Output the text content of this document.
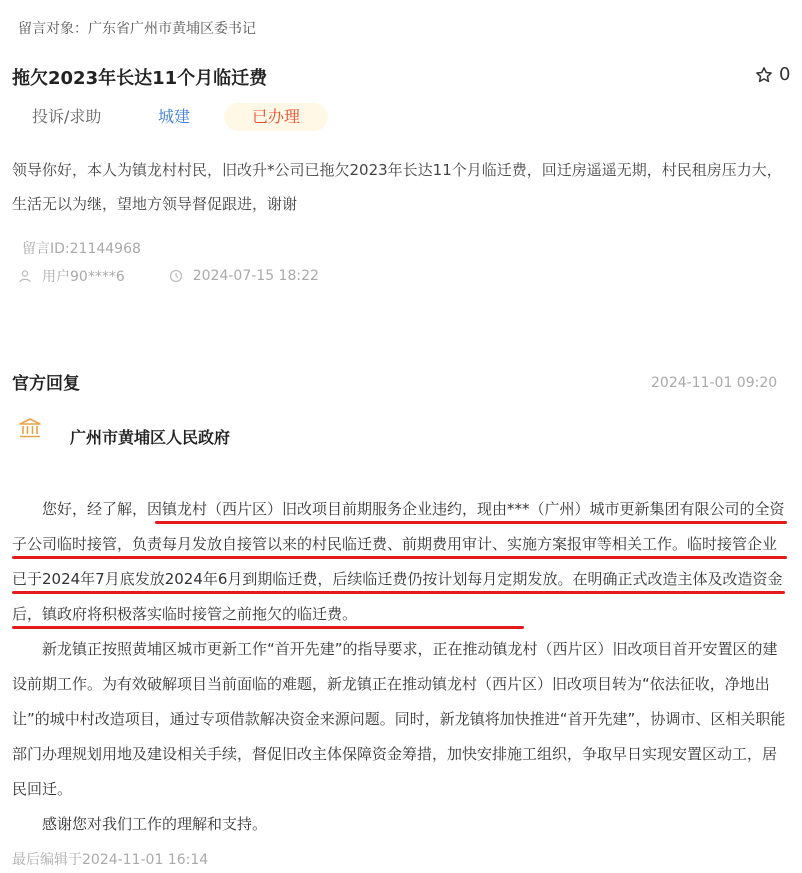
留言对象：广东省广州市黄埔区委书记
拖欠2023年长达11个月临迁费	0
投诉/求助	城建	已办理
领导你好，本人为镇龙村村民，旧改升*公司已拖欠2023年长达11个月临迁费，回迁房遥遥无期，村民租房压力大，生活无以为继，望地方领导督促跟进，谢谢
留言ID:21144968
用户90****6	2024-07-15 18:22
官方回复	2024-11-01 09:20
广州市黄埔区人民政府

您好，经了解，因镇龙村（西片区）旧改项目前期服务企业违约，现由***（广州）城市更新集团有限公司的全资子公司临时接管，负责每月发放自接管以来的村民临迁费、前期费用审计、实施方案报审等相关工作。临时接管企业已于2024年7月底发放2024年6月到期临迁费，后续临迁费仍按计划每月定期发放。在明确正式改造主体及改造资金后，镇政府将积极落实临时接管之前拖欠的临迁费。

新龙镇正按照黄埔区城市更新工作“首开先建”的指导要求，正在推动镇龙村（西片区）旧改项目首开安置区的建设前期工作。为有效破解项目当前面临的难题，新龙镇正在推动镇龙村（西片区）旧改项目转为“依法征收，净地出让”的城中村改造项目，通过专项借款解决资金来源问题。同时，新龙镇将加快推进“首开先建”，协调市、区相关职能部门办理规划用地及建设相关手续，督促旧改主体保障资金筹措，加快安排施工组织，争取早日实现安置区动工，居民回迁。

感谢您对我们工作的理解和支持。

最后编辑于2024-11-01 16:14
